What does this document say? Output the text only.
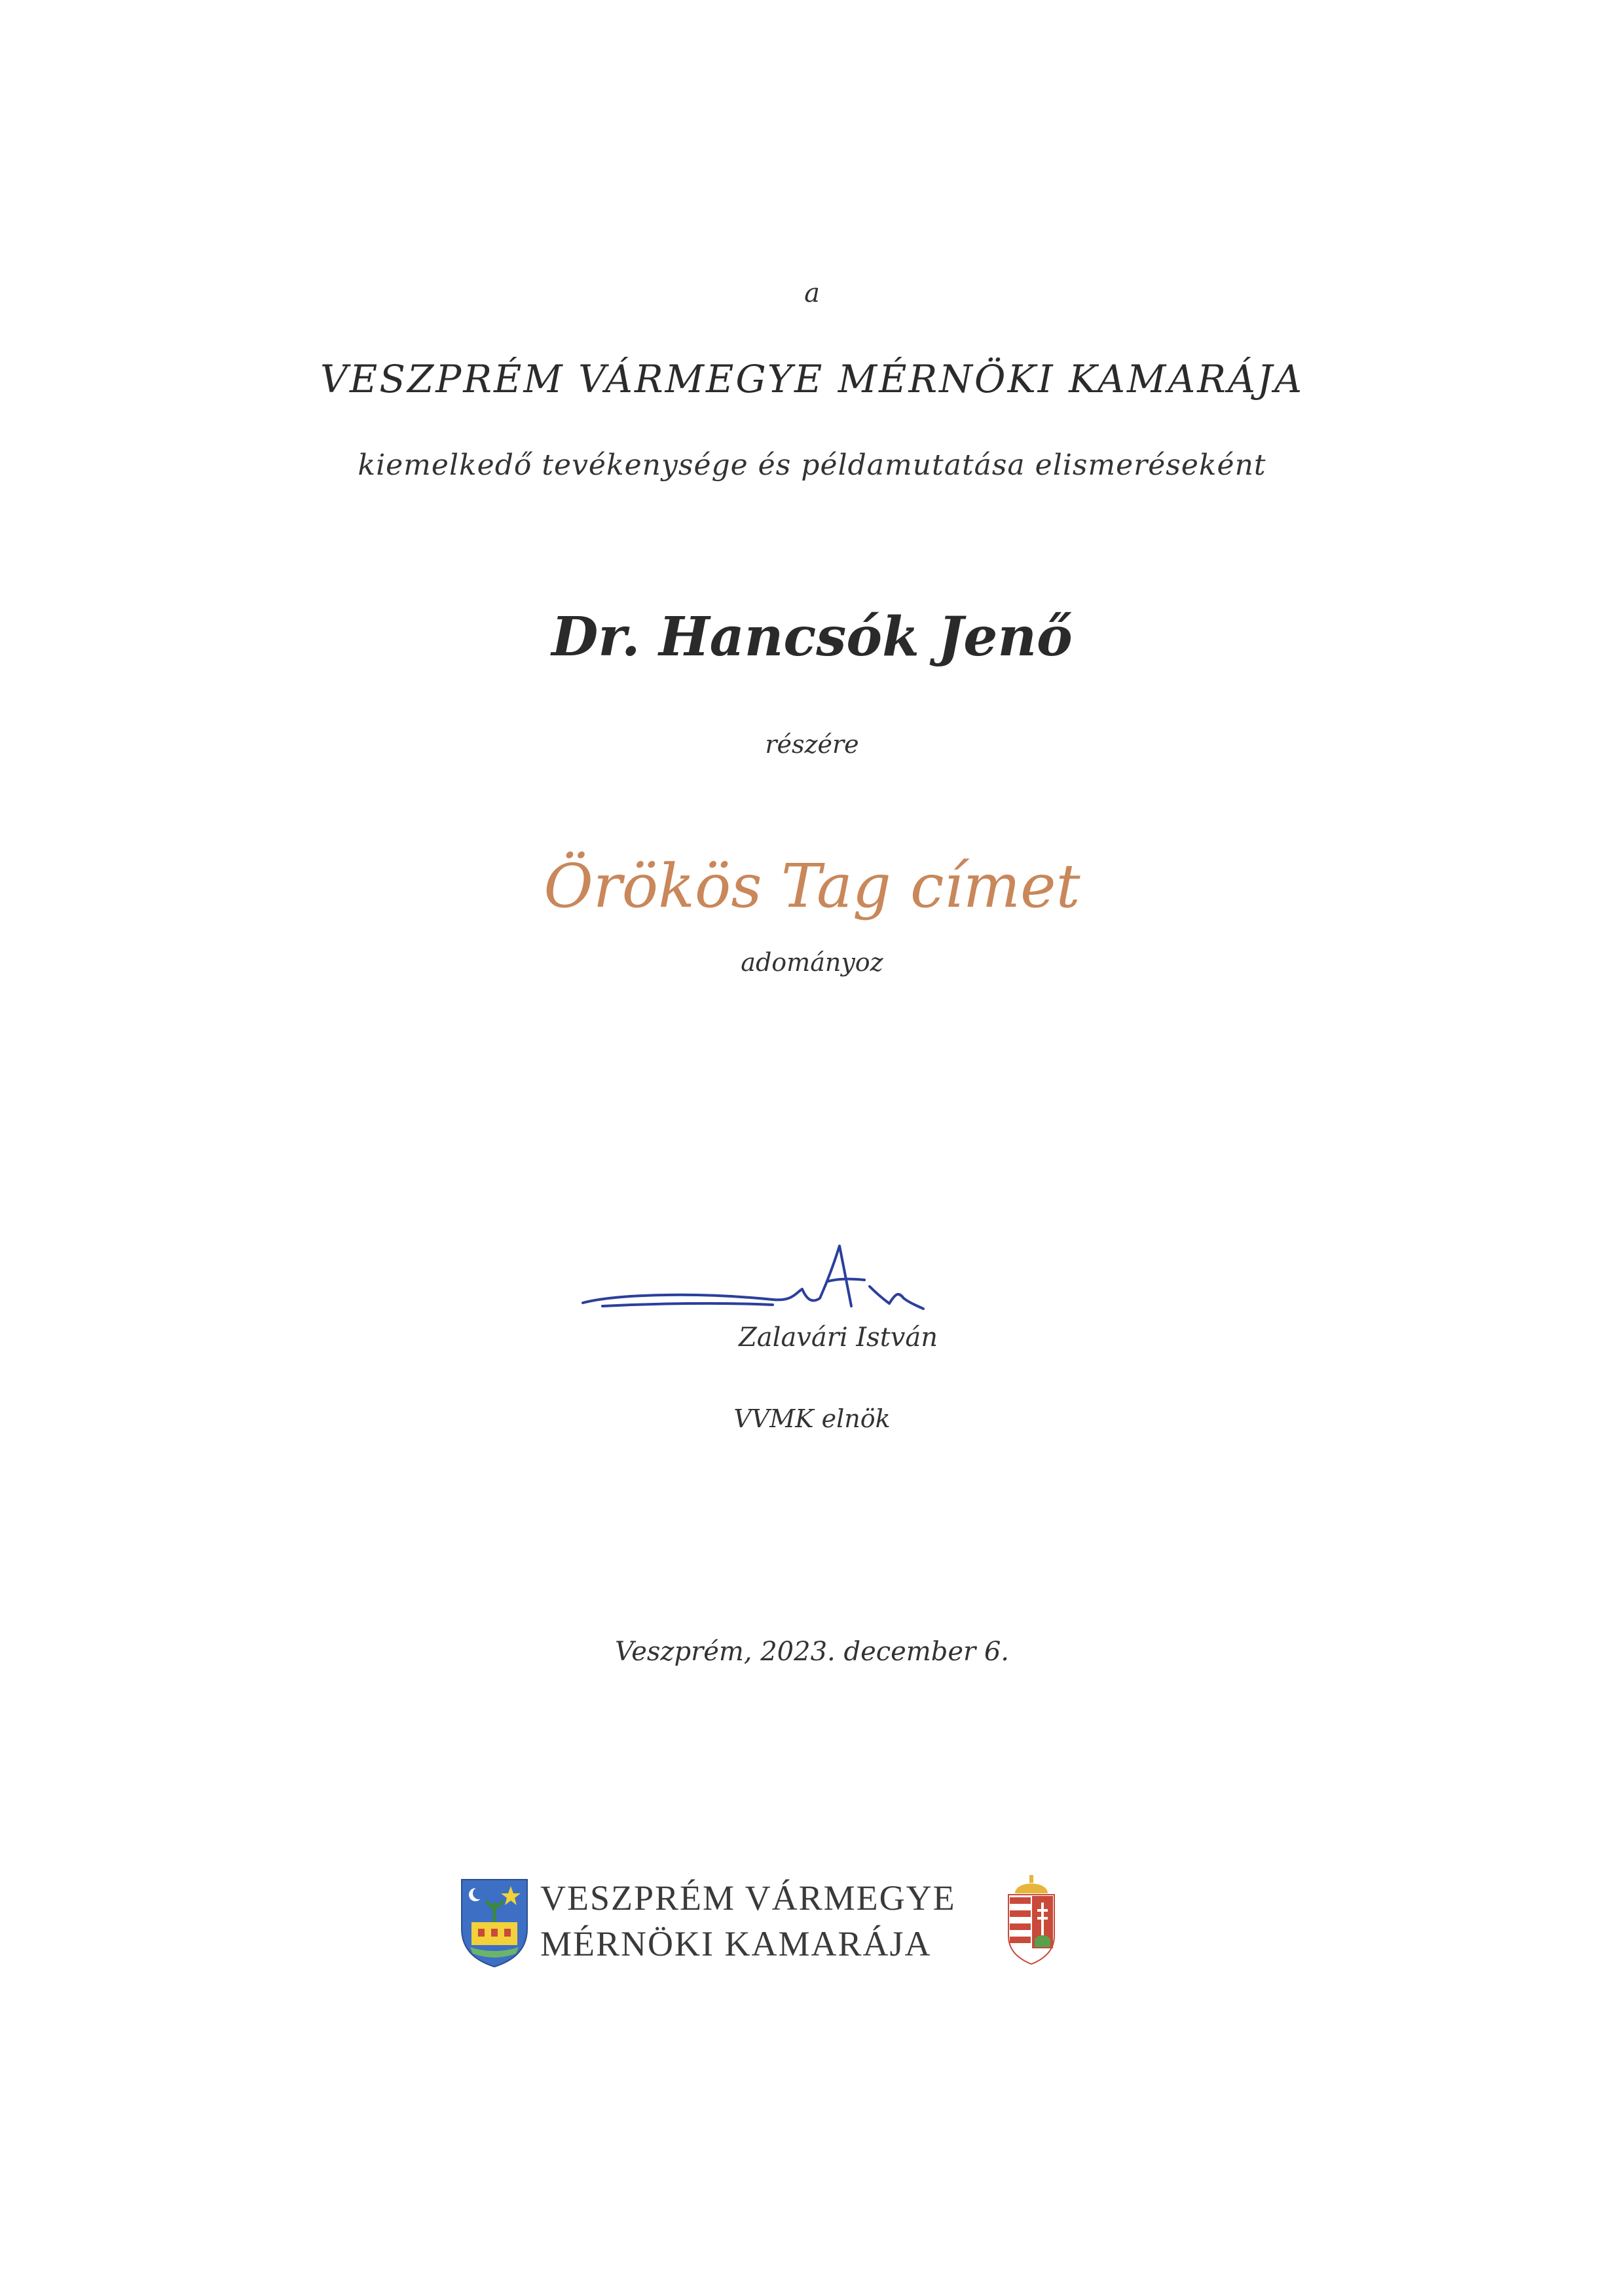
a
VESZPRÉM VÁRMEGYE MÉRNÖKI KAMARÁJA
kiemelkedő tevékenysége és példamutatása elismeréseként
Dr. Hancsók Jenő
részére
Örökös Tag címet
adományoz
Zalavári István
VVMK elnök
Veszprém, 2023. december 6.
VESZPRÉM VÁRMEGYE
MÉRNÖKI KAMARÁJA
